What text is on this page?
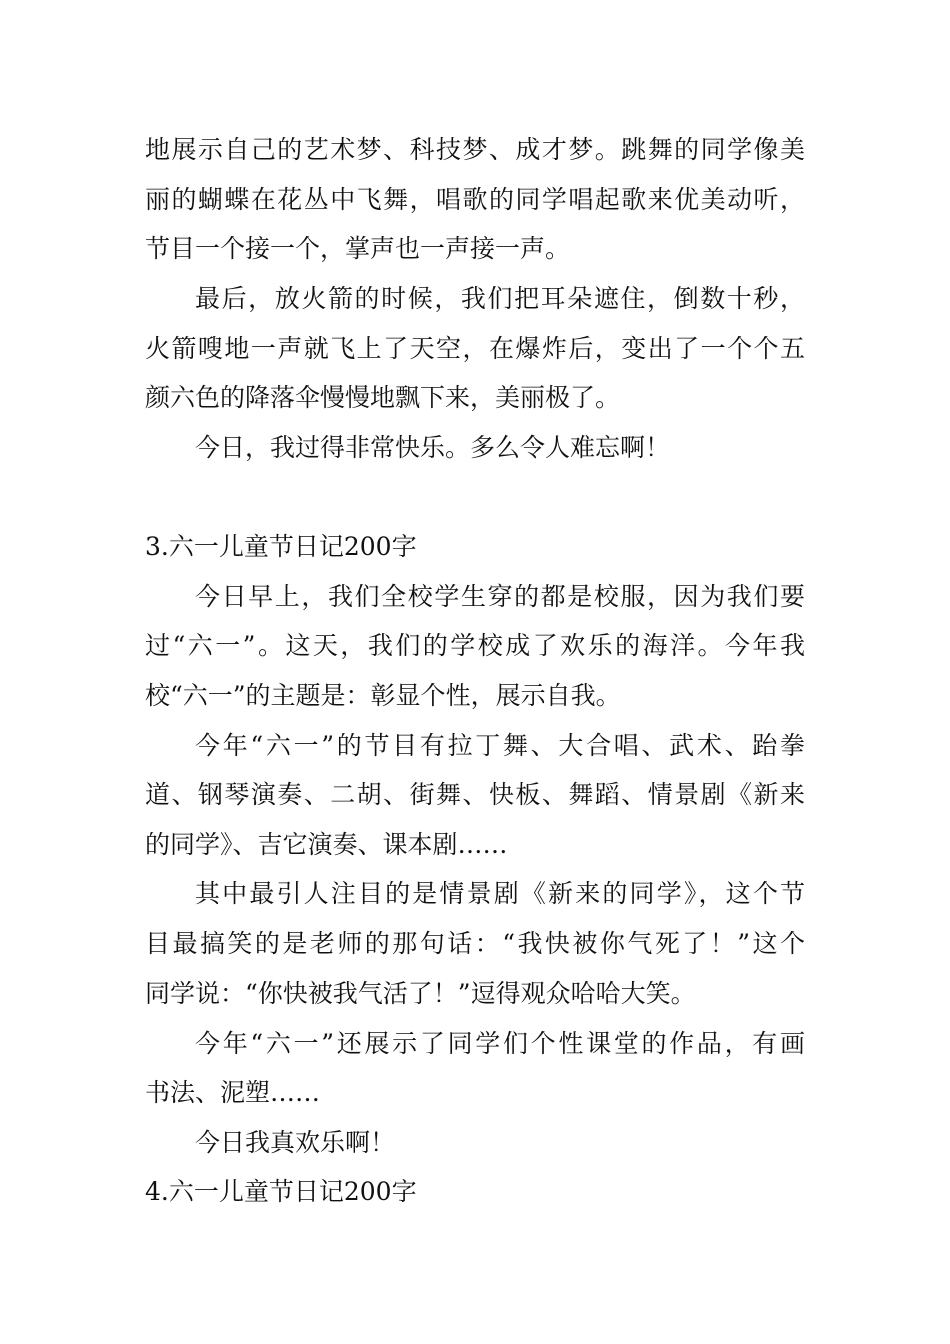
地展示自己的艺术梦、科技梦、成才梦。跳舞的同学像美
丽的蝴蝶在花丛中飞舞，唱歌的同学唱起歌来优美动听，
节目一个接一个，掌声也一声接一声。
最后，放火箭的时候，我们把耳朵遮住，倒数十秒，
火箭嗖地一声就飞上了天空，在爆炸后，变出了一个个五
颜六色的降落伞慢慢地飘下来，美丽极了。
今日，我过得非常快乐。多么令人难忘啊！
3.六一儿童节日记200字
今日早上，我们全校学生穿的都是校服，因为我们要
过“六一”。这天，我们的学校成了欢乐的海洋。今年我
校“六一”的主题是：彰显个性，展示自我。
今年“六一”的节目有拉丁舞、大合唱、武术、跆拳
道、钢琴演奏、二胡、街舞、快板、舞蹈、情景剧《新来
的同学》、吉它演奏、课本剧……
其中最引人注目的是情景剧《新来的同学》，这个节
目最搞笑的是老师的那句话：“我快被你气死了！”这个
同学说：“你快被我气活了！”逗得观众哈哈大笑。
今年“六一”还展示了同学们个性课堂的作品，有画
书法、泥塑……
今日我真欢乐啊！
4.六一儿童节日记200字
